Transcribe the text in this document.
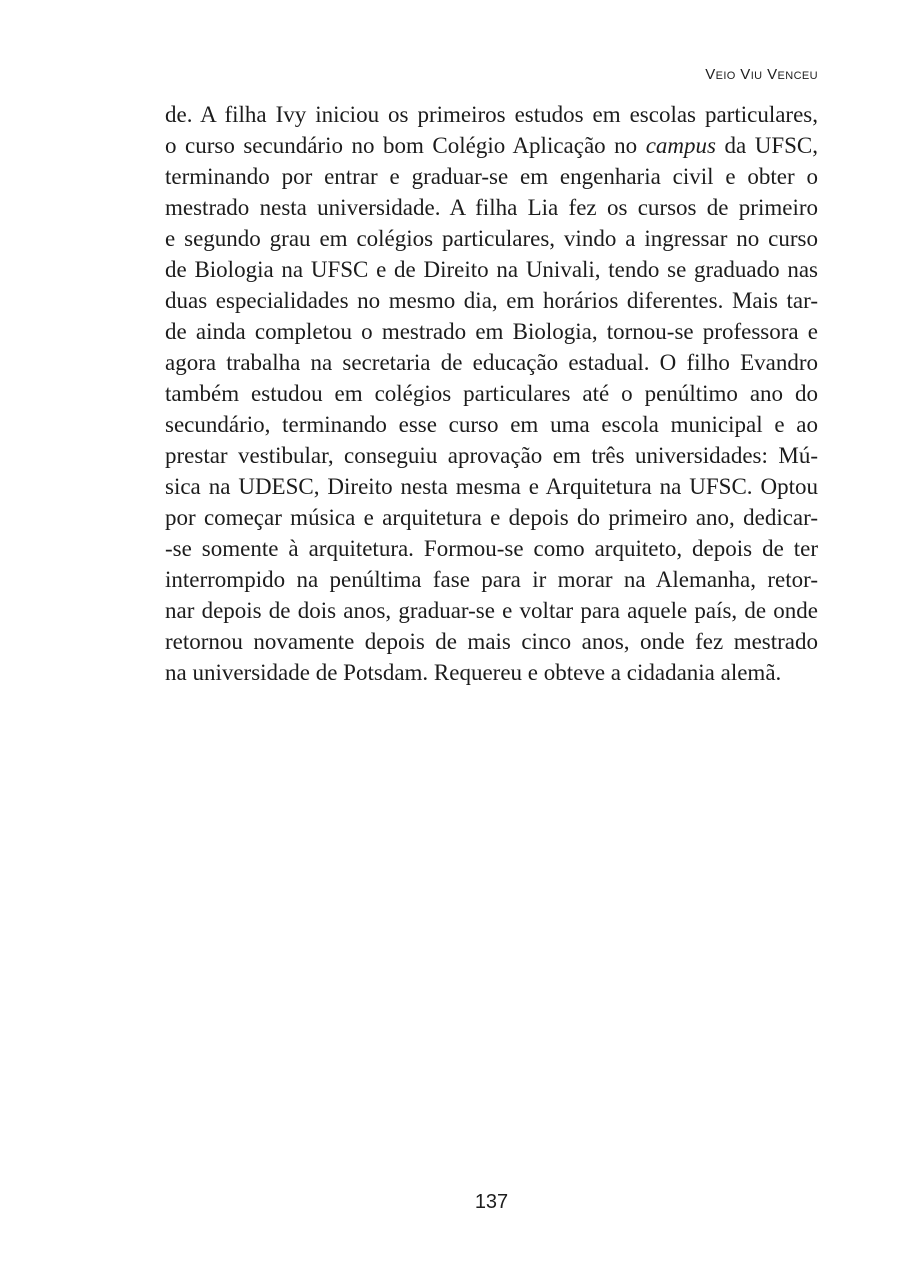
Veio Viu Venceu
de. A filha Ivy iniciou os primeiros estudos em escolas particulares,
o curso secundário no bom Colégio Aplicação no campus da UFSC,
terminando por entrar e graduar-se em engenharia civil e obter o
mestrado nesta universidade. A filha Lia fez os cursos de primeiro
e segundo grau em colégios particulares, vindo a ingressar no curso
de Biologia na UFSC e de Direito na Univali, tendo se graduado nas
duas especialidades no mesmo dia, em horários diferentes. Mais tar-
de ainda completou o mestrado em Biologia, tornou-se professora e
agora trabalha na secretaria de educação estadual. O filho Evandro
também estudou em colégios particulares até o penúltimo ano do
secundário, terminando esse curso em uma escola municipal e ao
prestar vestibular, conseguiu aprovação em três universidades: Mú-
sica na UDESC, Direito nesta mesma e Arquitetura na UFSC. Optou
por começar música e arquitetura e depois do primeiro ano, dedicar-
-se somente à arquitetura. Formou-se como arquiteto, depois de ter
interrompido na penúltima fase para ir morar na Alemanha, retor-
nar depois de dois anos, graduar-se e voltar para aquele país, de onde
retornou novamente depois de mais cinco anos, onde fez mestrado
na universidade de Potsdam. Requereu e obteve a cidadania alemã.
137
